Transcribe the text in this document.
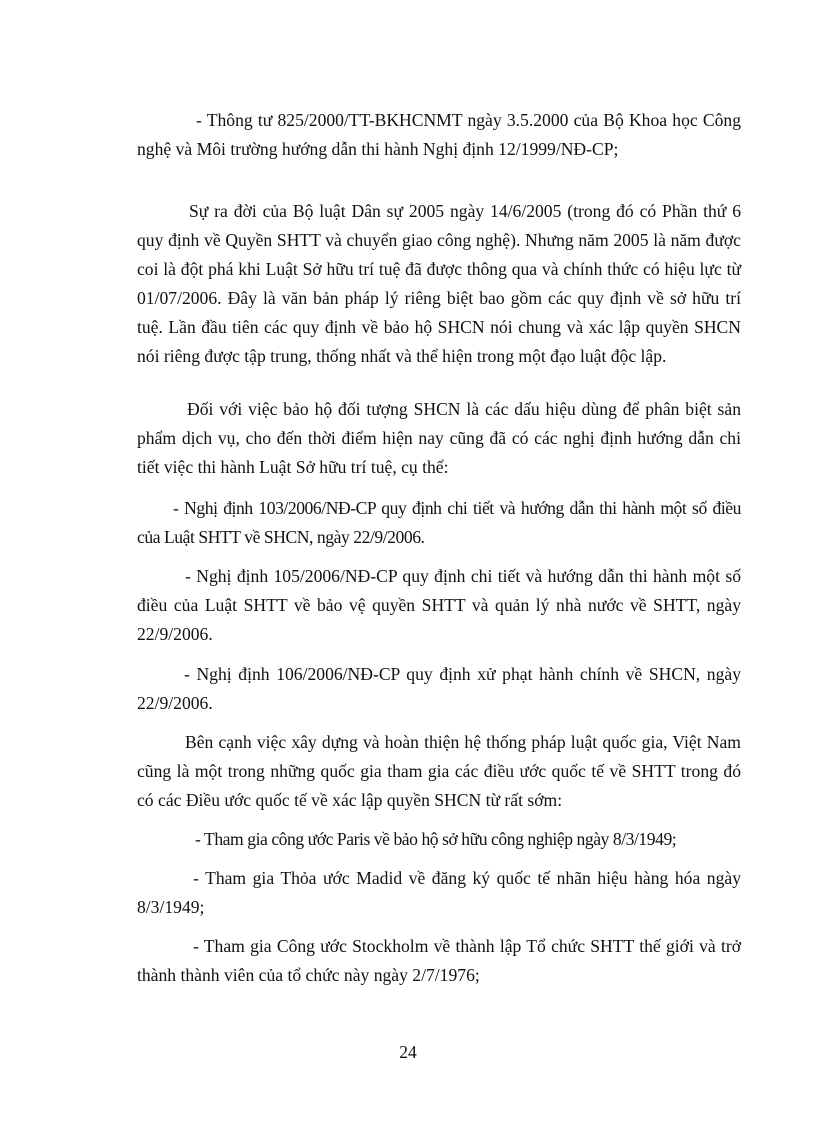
- Thông tư 825/2000/TT-BKHCNMT ngày 3.5.2000 của Bộ Khoa học Công nghệ và Môi trường hướng dẫn thi hành Nghị định 12/1999/NĐ-CP;

Sự ra đời của Bộ luật Dân sự 2005 ngày 14/6/2005 (trong đó có Phần thứ 6 quy định về Quyền SHTT và chuyển giao công nghệ). Nhưng năm 2005 là năm được coi là đột phá khi Luật Sở hữu trí tuệ đã được thông qua và chính thức có hiệu lực từ 01/07/2006. Đây là văn bản pháp lý riêng biệt bao gồm các quy định về sở hữu trí tuệ. Lần đầu tiên các quy định về bảo hộ SHCN nói chung và xác lập quyền SHCN nói riêng được tập trung, thống nhất và thể hiện trong một đạo luật độc lập.

Đối với việc bảo hộ đối tượng SHCN là các dấu hiệu dùng để phân biệt sản phẩm dịch vụ, cho đến thời điểm hiện nay cũng đã có các nghị định hướng dẫn chi tiết việc thi hành Luật Sở hữu trí tuệ, cụ thể:

- Nghị định 103/2006/NĐ-CP quy định chi tiết và hướng dẫn thi hành một số điều của Luật SHTT về SHCN, ngày 22/9/2006.

- Nghị định 105/2006/NĐ-CP quy định chi tiết và hướng dẫn thi hành một số điều của Luật SHTT về bảo vệ quyền SHTT và quản lý nhà nước về SHTT, ngày 22/9/2006.

- Nghị định 106/2006/NĐ-CP quy định xử phạt hành chính về SHCN, ngày 22/9/2006.

Bên cạnh việc xây dựng và hoàn thiện hệ thống pháp luật quốc gia, Việt Nam cũng là một trong những quốc gia tham gia các điều ước quốc tế về SHTT trong đó có các Điều ước quốc tế về xác lập quyền SHCN từ rất sớm:

- Tham gia công ước Paris về bảo hộ sở hữu công nghiệp ngày 8/3/1949;

- Tham gia Thỏa ước Madid về đăng ký quốc tế nhãn hiệu hàng hóa ngày 8/3/1949;

- Tham gia Công ước Stockholm về thành lập Tổ chức SHTT thế giới và trở thành thành viên của tổ chức này ngày 2/7/1976;

24
